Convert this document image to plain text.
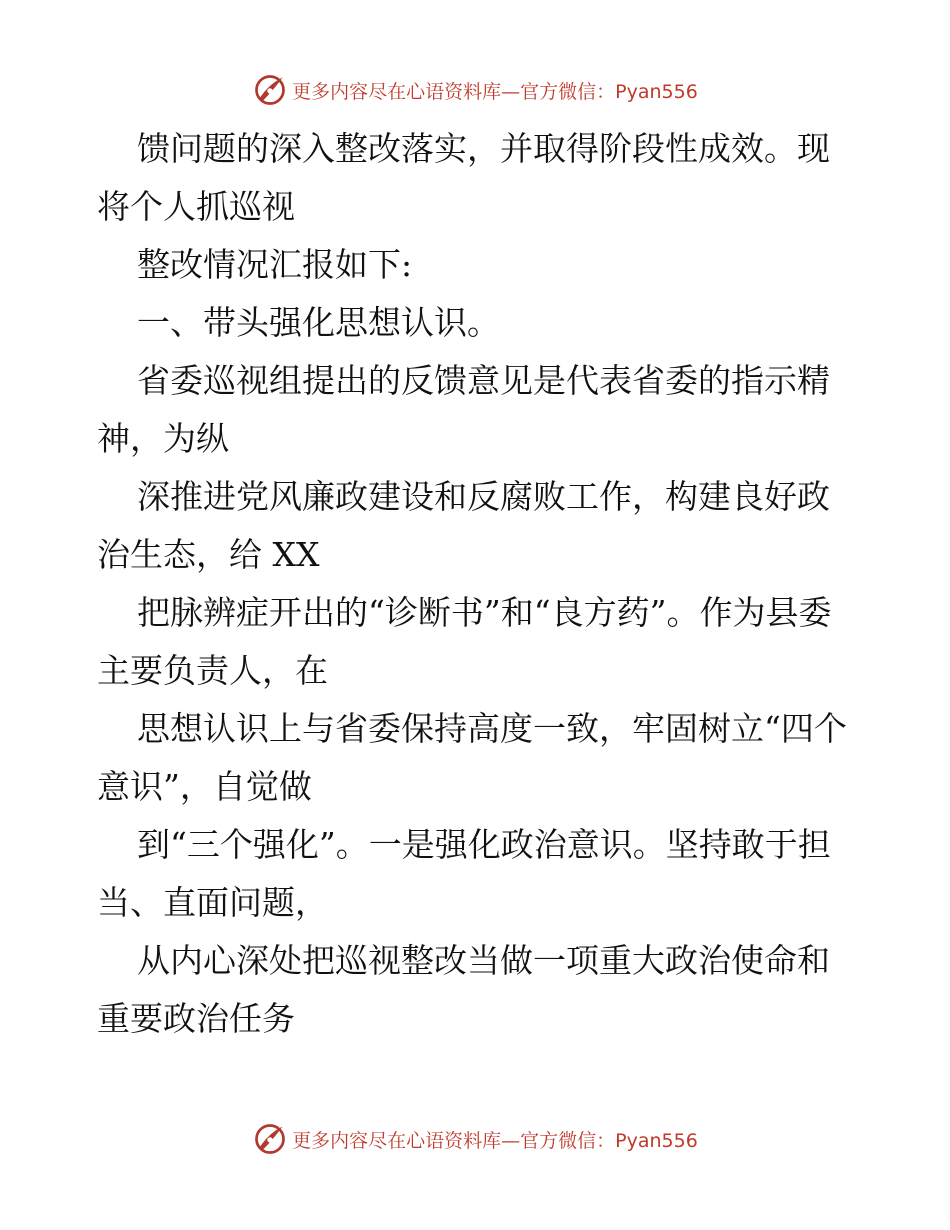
更多内容尽在心语资料库—官方微信：Pyan556

馈问题的深入整改落实，并取得阶段性成效。现将个人抓巡视

整改情况汇报如下:

一、带头强化思想认识。

省委巡视组提出的反馈意见是代表省委的指示精神，为纵

深推进党风廉政建设和反腐败工作，构建良好政治生态，给 XX

把脉辨症开出的“诊断书”和“良方药”。作为县委主要负责人，在

思想认识上与省委保持高度一致，牢固树立“四个意识”，自觉做

到“三个强化”。一是强化政治意识。坚持敢于担当、直面问题，

从内心深处把巡视整改当做一项重大政治使命和重要政治任务

更多内容尽在心语资料库—官方微信：Pyan556
